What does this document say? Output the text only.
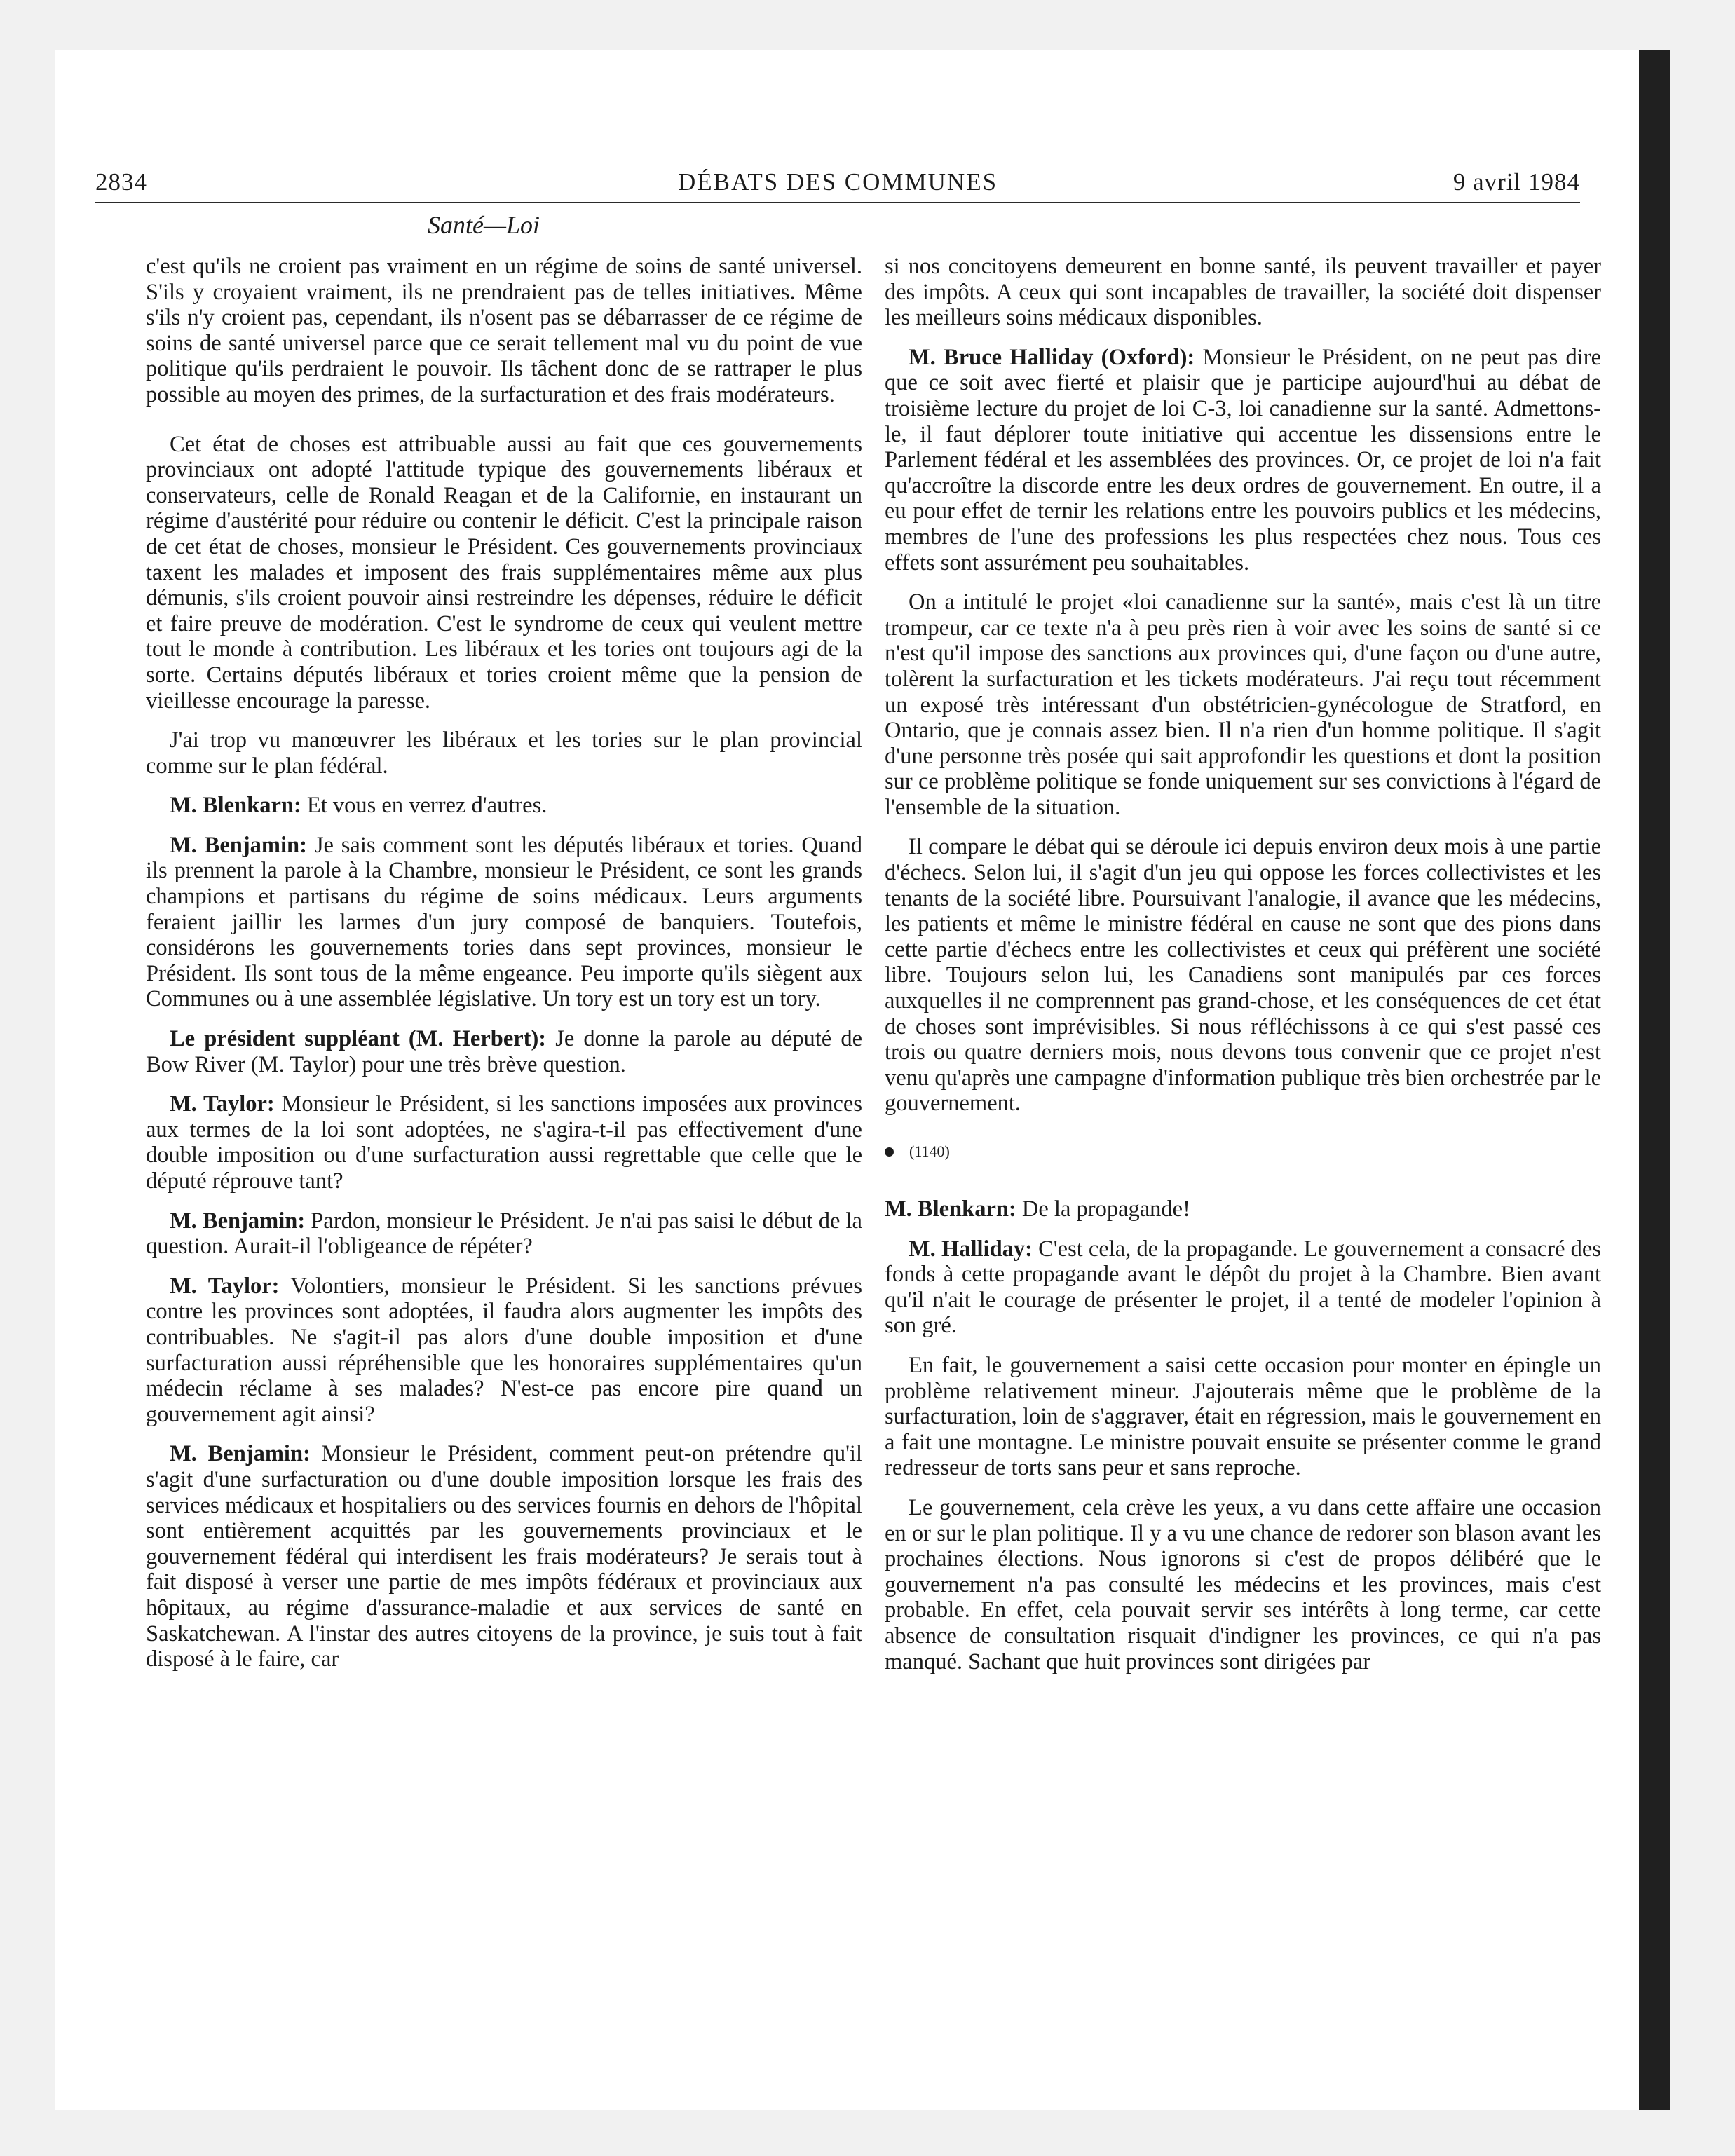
2834	DÉBATS DES COMMUNES	9 avril 1984
Santé—Loi

c'est qu'ils ne croient pas vraiment en un régime de soins de santé universel. S'ils y croyaient vraiment, ils ne prendraient pas de telles initiatives. Même s'ils n'y croient pas, cependant, ils n'osent pas se débarrasser de ce régime de soins de santé universel parce que ce serait tellement mal vu du point de vue politique qu'ils perdraient le pouvoir. Ils tâchent donc de se rattraper le plus possible au moyen des primes, de la surfacturation et des frais modérateurs.

Cet état de choses est attribuable aussi au fait que ces gouvernements provinciaux ont adopté l'attitude typique des gouvernements libéraux et conservateurs, celle de Ronald Reagan et de la Californie, en instaurant un régime d'austérité pour réduire ou contenir le déficit. C'est la principale raison de cet état de choses, monsieur le Président. Ces gouvernements provinciaux taxent les malades et imposent des frais supplémentaires même aux plus démunis, s'ils croient pouvoir ainsi restreindre les dépenses, réduire le déficit et faire preuve de modération. C'est le syndrome de ceux qui veulent mettre tout le monde à contribution. Les libéraux et les tories ont toujours agi de la sorte. Certains députés libéraux et tories croient même que la pension de vieillesse encourage la paresse.

J'ai trop vu manœuvrer les libéraux et les tories sur le plan provincial comme sur le plan fédéral.

M. Blenkarn: Et vous en verrez d'autres.

M. Benjamin: Je sais comment sont les députés libéraux et tories. Quand ils prennent la parole à la Chambre, monsieur le Président, ce sont les grands champions et partisans du régime de soins médicaux. Leurs arguments feraient jaillir les larmes d'un jury composé de banquiers. Toutefois, considérons les gouvernements tories dans sept provinces, monsieur le Président. Ils sont tous de la même engeance. Peu importe qu'ils siègent aux Communes ou à une assemblée législative. Un tory est un tory est un tory.

Le président suppléant (M. Herbert): Je donne la parole au député de Bow River (M. Taylor) pour une très brève question.

M. Taylor: Monsieur le Président, si les sanctions imposées aux provinces aux termes de la loi sont adoptées, ne s'agira-t-il pas effectivement d'une double imposition ou d'une surfacturation aussi regrettable que celle que le député réprouve tant?

M. Benjamin: Pardon, monsieur le Président. Je n'ai pas saisi le début de la question. Aurait-il l'obligeance de répéter?

M. Taylor: Volontiers, monsieur le Président. Si les sanctions prévues contre les provinces sont adoptées, il faudra alors augmenter les impôts des contribuables. Ne s'agit-il pas alors d'une double imposition et d'une surfacturation aussi répréhensible que les honoraires supplémentaires qu'un médecin réclame à ses malades? N'est-ce pas encore pire quand un gouvernement agit ainsi?

M. Benjamin: Monsieur le Président, comment peut-on prétendre qu'il s'agit d'une surfacturation ou d'une double imposition lorsque les frais des services médicaux et hospitaliers ou des services fournis en dehors de l'hôpital sont entièrement acquittés par les gouvernements provinciaux et le gouvernement fédéral qui interdisent les frais modérateurs? Je serais tout à fait disposé à verser une partie de mes impôts fédéraux et provinciaux aux hôpitaux, au régime d'assurance-maladie et aux services de santé en Saskatchewan. A l'instar des autres citoyens de la province, je suis tout à fait disposé à le faire, car

si nos concitoyens demeurent en bonne santé, ils peuvent travailler et payer des impôts. A ceux qui sont incapables de travailler, la société doit dispenser les meilleurs soins médicaux disponibles.

M. Bruce Halliday (Oxford): Monsieur le Président, on ne peut pas dire que ce soit avec fierté et plaisir que je participe aujourd'hui au débat de troisième lecture du projet de loi C-3, loi canadienne sur la santé. Admettons-le, il faut déplorer toute initiative qui accentue les dissensions entre le Parlement fédéral et les assemblées des provinces. Or, ce projet de loi n'a fait qu'accroître la discorde entre les deux ordres de gouvernement. En outre, il a eu pour effet de ternir les relations entre les pouvoirs publics et les médecins, membres de l'une des professions les plus respectées chez nous. Tous ces effets sont assurément peu souhaitables.

On a intitulé le projet «loi canadienne sur la santé», mais c'est là un titre trompeur, car ce texte n'a à peu près rien à voir avec les soins de santé si ce n'est qu'il impose des sanctions aux provinces qui, d'une façon ou d'une autre, tolèrent la surfacturation et les tickets modérateurs. J'ai reçu tout récemment un exposé très intéressant d'un obstétricien-gynécologue de Stratford, en Ontario, que je connais assez bien. Il n'a rien d'un homme politique. Il s'agit d'une personne très posée qui sait approfondir les questions et dont la position sur ce problème politique se fonde uniquement sur ses convictions à l'égard de l'ensemble de la situation.

Il compare le débat qui se déroule ici depuis environ deux mois à une partie d'échecs. Selon lui, il s'agit d'un jeu qui oppose les forces collectivistes et les tenants de la société libre. Poursuivant l'analogie, il avance que les médecins, les patients et même le ministre fédéral en cause ne sont que des pions dans cette partie d'échecs entre les collectivistes et ceux qui préfèrent une société libre. Toujours selon lui, les Canadiens sont manipulés par ces forces auxquelles il ne comprennent pas grand-chose, et les conséquences de cet état de choses sont imprévisibles. Si nous réfléchissons à ce qui s'est passé ces trois ou quatre derniers mois, nous devons tous convenir que ce projet n'est venu qu'après une campagne d'information publique très bien orchestrée par le gouvernement.

(1140)

M. Blenkarn: De la propagande!

M. Halliday: C'est cela, de la propagande. Le gouvernement a consacré des fonds à cette propagande avant le dépôt du projet à la Chambre. Bien avant qu'il n'ait le courage de présenter le projet, il a tenté de modeler l'opinion à son gré.

En fait, le gouvernement a saisi cette occasion pour monter en épingle un problème relativement mineur. J'ajouterais même que le problème de la surfacturation, loin de s'aggraver, était en régression, mais le gouvernement en a fait une montagne. Le ministre pouvait ensuite se présenter comme le grand redresseur de torts sans peur et sans reproche.

Le gouvernement, cela crève les yeux, a vu dans cette affaire une occasion en or sur le plan politique. Il y a vu une chance de redorer son blason avant les prochaines élections. Nous ignorons si c'est de propos délibéré que le gouvernement n'a pas consulté les médecins et les provinces, mais c'est probable. En effet, cela pouvait servir ses intérêts à long terme, car cette absence de consultation risquait d'indigner les provinces, ce qui n'a pas manqué. Sachant que huit provinces sont dirigées par
